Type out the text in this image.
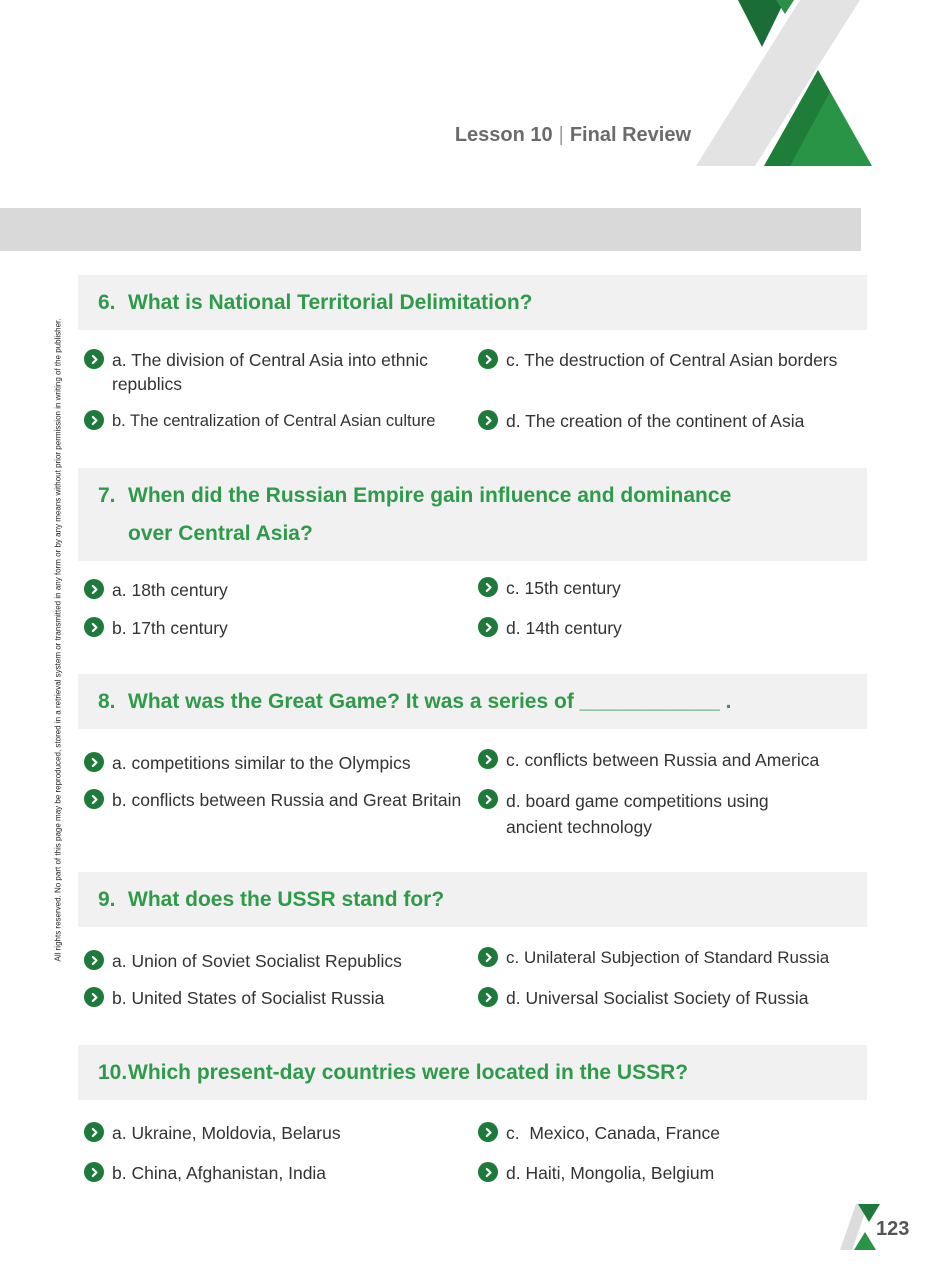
Lesson 10 | Final Review
All rights reserved. No part of this page may be reproduced, stored in a retrieval system or transmitted in any form or by any means without prior permission in writing of the publisher.
6. What is National Territorial Delimitation?
a. The division of Central Asia into ethnic republics
b. The centralization of Central Asian culture
c. The destruction of Central Asian borders
d. The creation of the continent of Asia
7. When did the Russian Empire gain influence and dominance
over Central Asia?
a. 18th century
b. 17th century
c. 15th century
d. 14th century
8. What was the Great Game? It was a series of ____________ .
a. competitions similar to the Olympics
b. conflicts between Russia and Great Britain
c. conflicts between Russia and America
d. board game competitions using ancient technology
9. What does the USSR stand for?
a. Union of Soviet Socialist Republics
b. United States of Socialist Russia
c. Unilateral Subjection of Standard Russia
d. Universal Socialist Society of Russia
10.Which present-day countries were located in the USSR?
a. Ukraine, Moldovia, Belarus
b. China, Afghanistan, India
c.  Mexico, Canada, France
d. Haiti, Mongolia, Belgium
123
